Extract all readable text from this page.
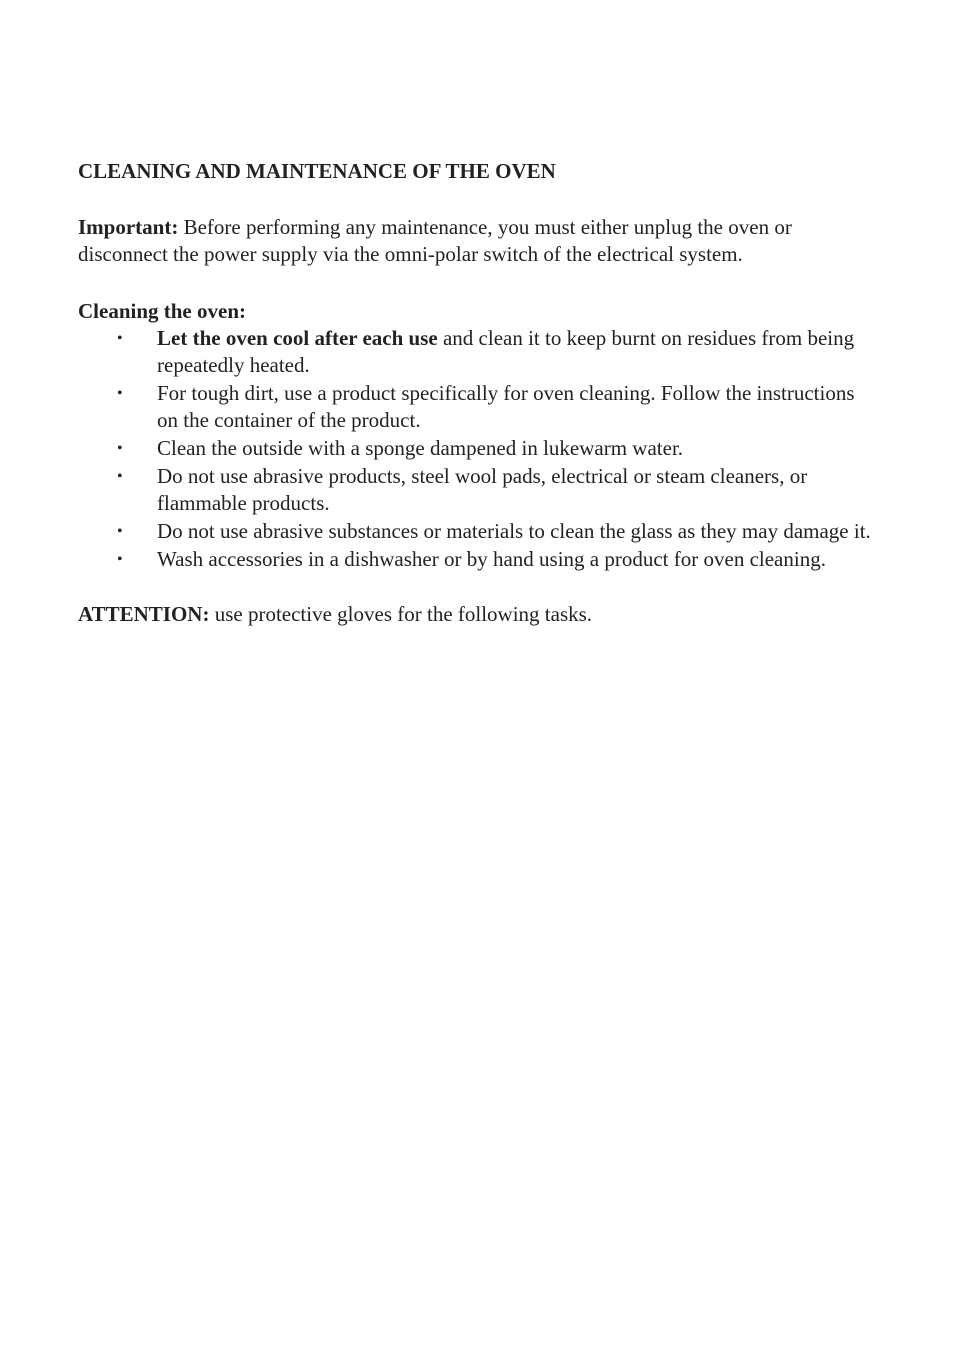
CLEANING AND MAINTENANCE OF THE OVEN

Important: Before performing any maintenance, you must either unplug the oven or disconnect the power supply via the omni-polar switch of the electrical system.

Cleaning the oven:

• Let the oven cool after each use and clean it to keep burnt on residues from being repeatedly heated.
• For tough dirt, use a product specifically for oven cleaning. Follow the instructions on the container of the product.
• Clean the outside with a sponge dampened in lukewarm water.
• Do not use abrasive products, steel wool pads, electrical or steam cleaners, or flammable products.
• Do not use abrasive substances or materials to clean the glass as they may damage it.
• Wash accessories in a dishwasher or by hand using a product for oven cleaning.

ATTENTION: use protective gloves for the following tasks.
